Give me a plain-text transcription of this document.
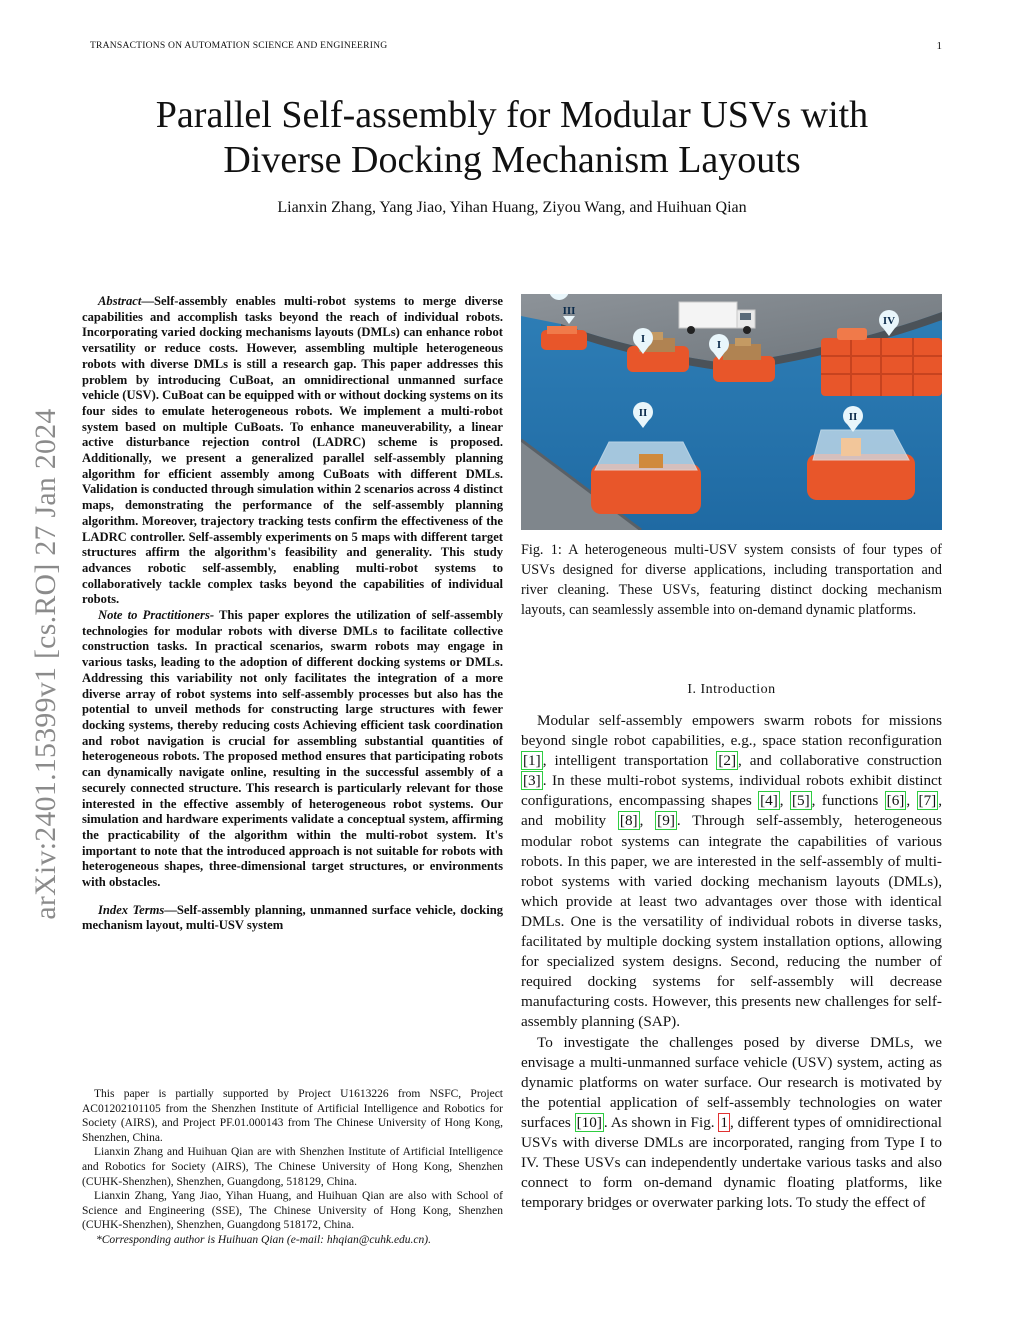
TRANSACTIONS ON AUTOMATION SCIENCE AND ENGINEERING	1
Parallel Self-assembly for Modular USVs with
Diverse Docking Mechanism Layouts
Lianxin Zhang, Yang Jiao, Yihan Huang, Ziyou Wang, and Huihuan Qian
arXiv:2401.15399v1 [cs.RO] 27 Jan 2024

Abstract—Self-assembly enables multi-robot systems to merge diverse capabilities and accomplish tasks beyond the reach of individual robots. Incorporating varied docking mechanisms layouts (DMLs) can enhance robot versatility or reduce costs. However, assembling multiple heterogeneous robots with diverse DMLs is still a research gap. This paper addresses this problem by introducing CuBoat, an omnidirectional unmanned surface vehicle (USV). CuBoat can be equipped with or without docking systems on its four sides to emulate heterogeneous robots. We implement a multi-robot system based on multiple CuBoats. To enhance maneuverability, a linear active disturbance rejection control (LADRC) scheme is proposed. Additionally, we present a generalized parallel self-assembly planning algorithm for efficient assembly among CuBoats with different DMLs. Validation is conducted through simulation within 2 scenarios across 4 distinct maps, demonstrating the performance of the self-assembly planning algorithm. Moreover, trajectory tracking tests confirm the effectiveness of the LADRC controller. Self-assembly experiments on 5 maps with different target structures affirm the algorithm's feasibility and generality. This study advances robotic self-assembly, enabling multi-robot systems to collaboratively tackle complex tasks beyond the capabilities of individual robots.

Note to Practitioners- This paper explores the utilization of self-assembly technologies for modular robots with diverse DMLs to facilitate collective construction tasks. In practical scenarios, swarm robots may engage in various tasks, leading to the adoption of different docking systems or DMLs. Addressing this variability not only facilitates the integration of a more diverse array of robot systems into self-assembly processes but also has the potential to unveil methods for constructing large structures with fewer docking systems, thereby reducing costs Achieving efficient task coordination and robot navigation is crucial for assembling substantial quantities of heterogeneous robots. The proposed method ensures that participating robots can dynamically navigate online, resulting in the successful assembly of a securely connected structure. This research is particularly relevant for those interested in the effective assembly of heterogeneous robot systems. Our simulation and hardware experiments validate a conceptual system, affirming the practicability of the algorithm within the multi-robot system. It's important to note that the introduced approach is not suitable for robots with heterogeneous shapes, three-dimensional target structures, or environments with obstacles.

Index Terms—Self-assembly planning, unmanned surface vehicle, docking mechanism layout, multi-USV system

This paper is partially supported by Project U1613226 from NSFC, Project AC01202101105 from the Shenzhen Institute of Artificial Intelligence and Robotics for Society (AIRS), and Project PF.01.000143 from The Chinese University of Hong Kong, Shenzhen, China.

Lianxin Zhang and Huihuan Qian are with Shenzhen Institute of Artificial Intelligence and Robotics for Society (AIRS), The Chinese University of Hong Kong, Shenzhen (CUHK-Shenzhen), Shenzhen, Guangdong, 518129, China.

Lianxin Zhang, Yang Jiao, Yihan Huang, and Huihuan Qian are also with School of Science and Engineering (SSE), The Chinese University of Hong Kong, Shenzhen (CUHK-Shenzhen), Shenzhen, Guangdong 518172, China.

*Corresponding author is Huihuan Qian (e-mail: hhqian@cuhk.edu.cn).

III
I	I
IV
II	II
Fig. 1: A heterogeneous multi-USV system consists of four types of USVs designed for diverse applications, including transportation and river cleaning. These USVs, featuring distinct docking mechanism layouts, can seamlessly assemble into on-demand dynamic platforms.
I. Introduction

Modular self-assembly empowers swarm robots for missions beyond single robot capabilities, e.g., space station reconfiguration [1] , intelligent transportation [2] , and collaborative construction [3] . In these multi-robot systems, individual robots exhibit distinct configurations, encompassing shapes [4] , [5] , functions [6] , [7] , and mobility [8] , [9] . Through self-assembly, heterogeneous modular robot systems can integrate the capabilities of various robots. In this paper, we are interested in the self-assembly of multi-robot systems with varied docking mechanism layouts (DMLs), which provide at least two advantages over those with identical DMLs. One is the versatility of individual robots in diverse tasks, facilitated by multiple docking system installation options, allowing for specialized system designs. Second, reducing the number of required docking systems for self-assembly will decrease manufacturing costs. However, this presents new challenges for self-assembly planning (SAP).

To investigate the challenges posed by diverse DMLs, we envisage a multi-unmanned surface vehicle (USV) system, acting as dynamic platforms on water surface. Our research is motivated by the potential application of self-assembly technologies on water surfaces [10] . As shown in Fig. 1 , different types of omnidirectional USVs with diverse DMLs are incorporated, ranging from Type I to IV. These USVs can independently undertake various tasks and also connect to form on-demand dynamic floating platforms, like temporary bridges or overwater parking lots. To study the effect of
